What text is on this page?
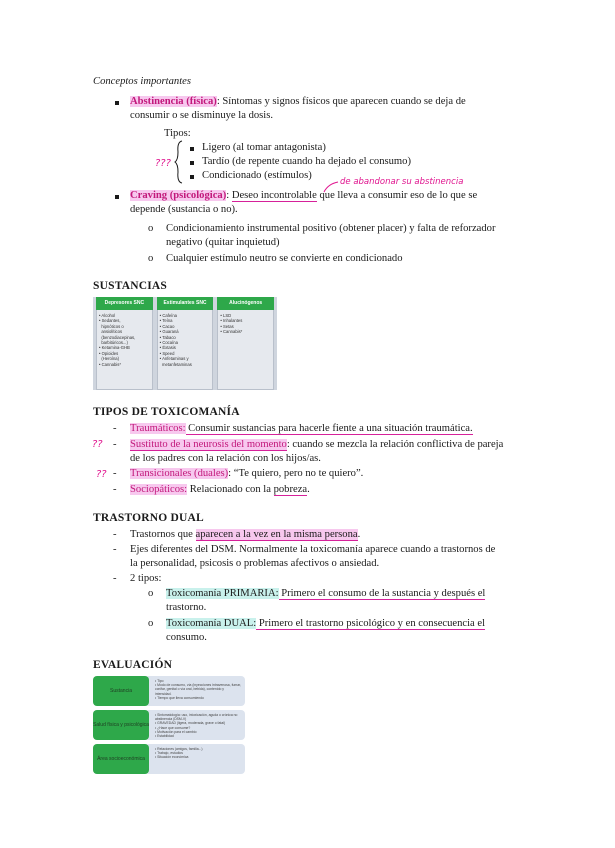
Conceptos importantes
Abstinencia (física): Síntomas y signos físicos que aparecen cuando se deja de
consumir o se disminuye la dosis.
Tipos:
???
Ligero (al tomar antagonista)
Tardío (de repente cuando ha dejado el consumo)
Condicionado (estímulos)
de abandonar su abstinencia
Craving (psicológica): Deseo incontrolable que lleva a consumir eso de lo que se
depende (sustancia o no).
o Condicionamiento instrumental positivo (obtener placer) y falta de reforzador
negativo (quitar inquietud)
o Cualquier estímulo neutro se convierte en condicionado
SUSTANCIAS
Depresores SNC
• Alcohol
• Sedantes,
hipnóticos o
ansiolíticos
(benzodiacepinas,
barbitúricos...)
• Ketamina-GHB
• Opioides
(Heroína)
• Cannabis*
Estimulantes SNC
• Cafeína
• Teína
• Cacao
• Guaraná
• Tabaco
• Cocaína
• Éxtasis
• Speed
• Anfetaminas y
metanfetaminas
Alucinógenos
• LSD
• Inhalantes
• Setas
• Cannabis*
TIPOS DE TOXICOMANÍA
- Traumáticos: Consumir sustancias para hacerle fiente a una situación traumática.
?? - Sustituto de la neurosis del momento: cuando se mezcla la relación conflictiva de pareja
de los padres con la relación con los hijos/as.
?? - Transicionales (duales): “Te quiero, pero no te quiero”.
- Sociopáticos: Relacionado con la pobreza.
TRASTORNO DUAL
- Trastornos que aparecen a la vez en la misma persona.
- Ejes diferentes del DSM. Normalmente la toxicomanía aparece cuando a trastornos de
la personalidad, psicosis o problemas afectivos o ansiedad.
- 2 tipos:
o Toxicomanía PRIMARIA: Primero el consumo de la sustancia y después el
trastorno.
o Toxicomanía DUAL: Primero el trastorno psicológico y en consecuencia el
consumo.
EVALUACIÓN
Sustancia
• Tipo
• Modo de consumo, vía (inyecciones intravenosa, fumar,
ccnifar, genital o vía oral, bebida), contenido y
intensidad.
• Tiempo que lleva consumiendo
Salud física y psicológica
• Sintomatología: uso, intoxicación, aguda o crónica no
abstinencia (DSM-V)
• GRAVEDAD (ligera, moderada, grave o fatal)
• ¿Hace que consume?
• Motivación para el cambio
• Estabilidad
Área socioeconómica
• Relaciones (amigos, familia...)
• Trabajo, estudios
• Situación económica
